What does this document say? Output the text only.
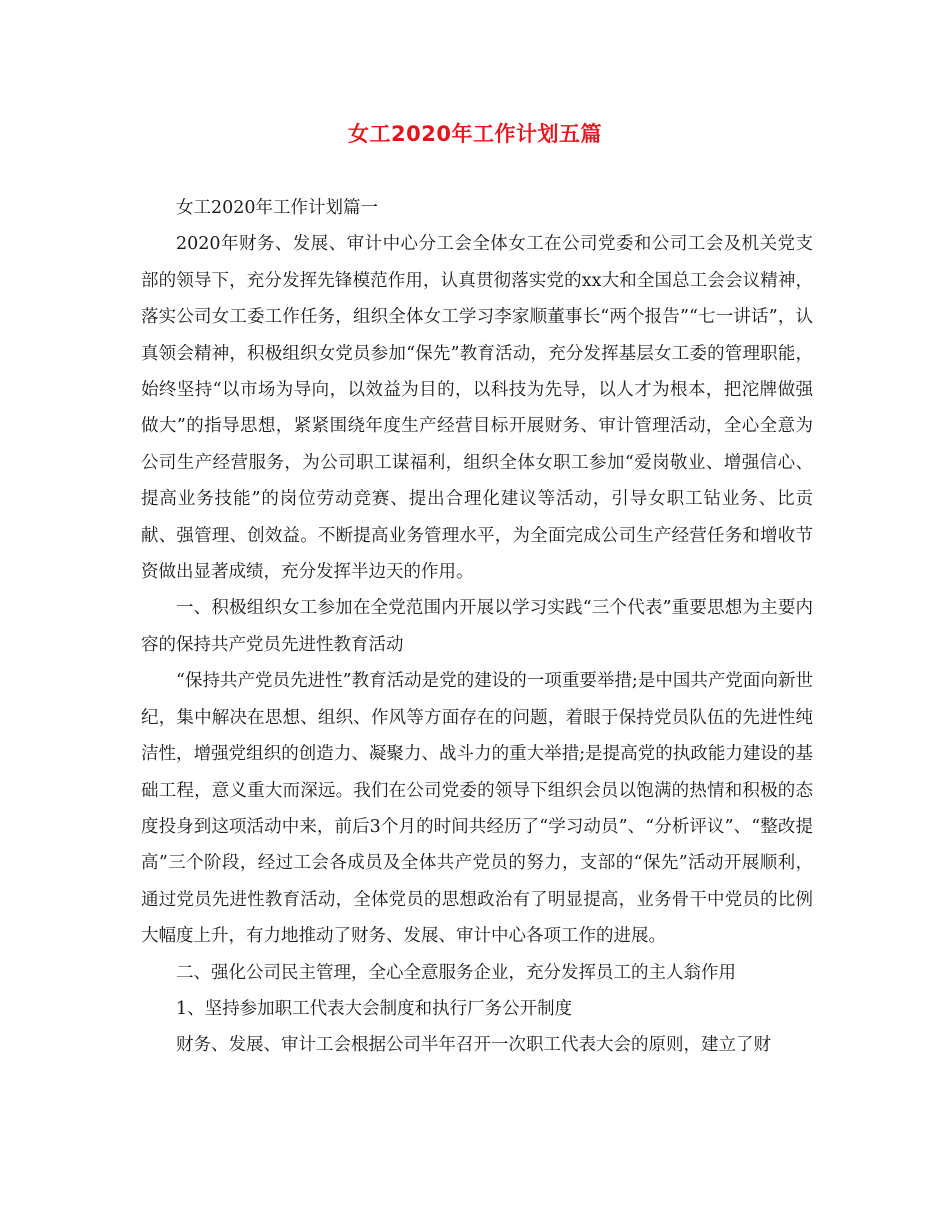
女工2020年工作计划五篇

女工2020年工作计划篇一

2020年财务、发展、审计中心分工会全体女工在公司党委和公司工会及机关党支部的领导下，充分发挥先锋模范作用，认真贯彻落实党的xx大和全国总工会会议精神，落实公司女工委工作任务，组织全体女工学习李家顺董事长“两个报告”“七一讲话”，认真领会精神，积极组织女党员参加“保先”教育活动，充分发挥基层女工委的管理职能，始终坚持“以市场为导向，以效益为目的，以科技为先导，以人才为根本，把沱牌做强做大”的指导思想，紧紧围绕年度生产经营目标开展财务、审计管理活动，全心全意为公司生产经营服务，为公司职工谋福利，组织全体女职工参加“爱岗敬业、增强信心、提高业务技能”的岗位劳动竞赛、提出合理化建议等活动，引导女职工钻业务、比贡献、强管理、创效益。不断提高业务管理水平，为全面完成公司生产经营任务和增收节资做出显著成绩，充分发挥半边天的作用。

一、积极组织女工参加在全党范围内开展以学习实践“三个代表”重要思想为主要内容的保持共产党员先进性教育活动

“保持共产党员先进性”教育活动是党的建设的一项重要举措;是中国共产党面向新世纪，集中解决在思想、组织、作风等方面存在的问题，着眼于保持党员队伍的先进性纯洁性，增强党组织的创造力、凝聚力、战斗力的重大举措;是提高党的执政能力建设的基础工程，意义重大而深远。我们在公司党委的领导下组织会员以饱满的热情和积极的态度投身到这项活动中来，前后3个月的时间共经历了“学习动员”、“分析评议”、“整改提高”三个阶段，经过工会各成员及全体共产党员的努力，支部的“保先”活动开展顺利，通过党员先进性教育活动，全体党员的思想政治有了明显提高，业务骨干中党员的比例大幅度上升，有力地推动了财务、发展、审计中心各项工作的进展。

二、强化公司民主管理，全心全意服务企业，充分发挥员工的主人翁作用

1、坚持参加职工代表大会制度和执行厂务公开制度

财务、发展、审计工会根据公司半年召开一次职工代表大会的原则，建立了财
